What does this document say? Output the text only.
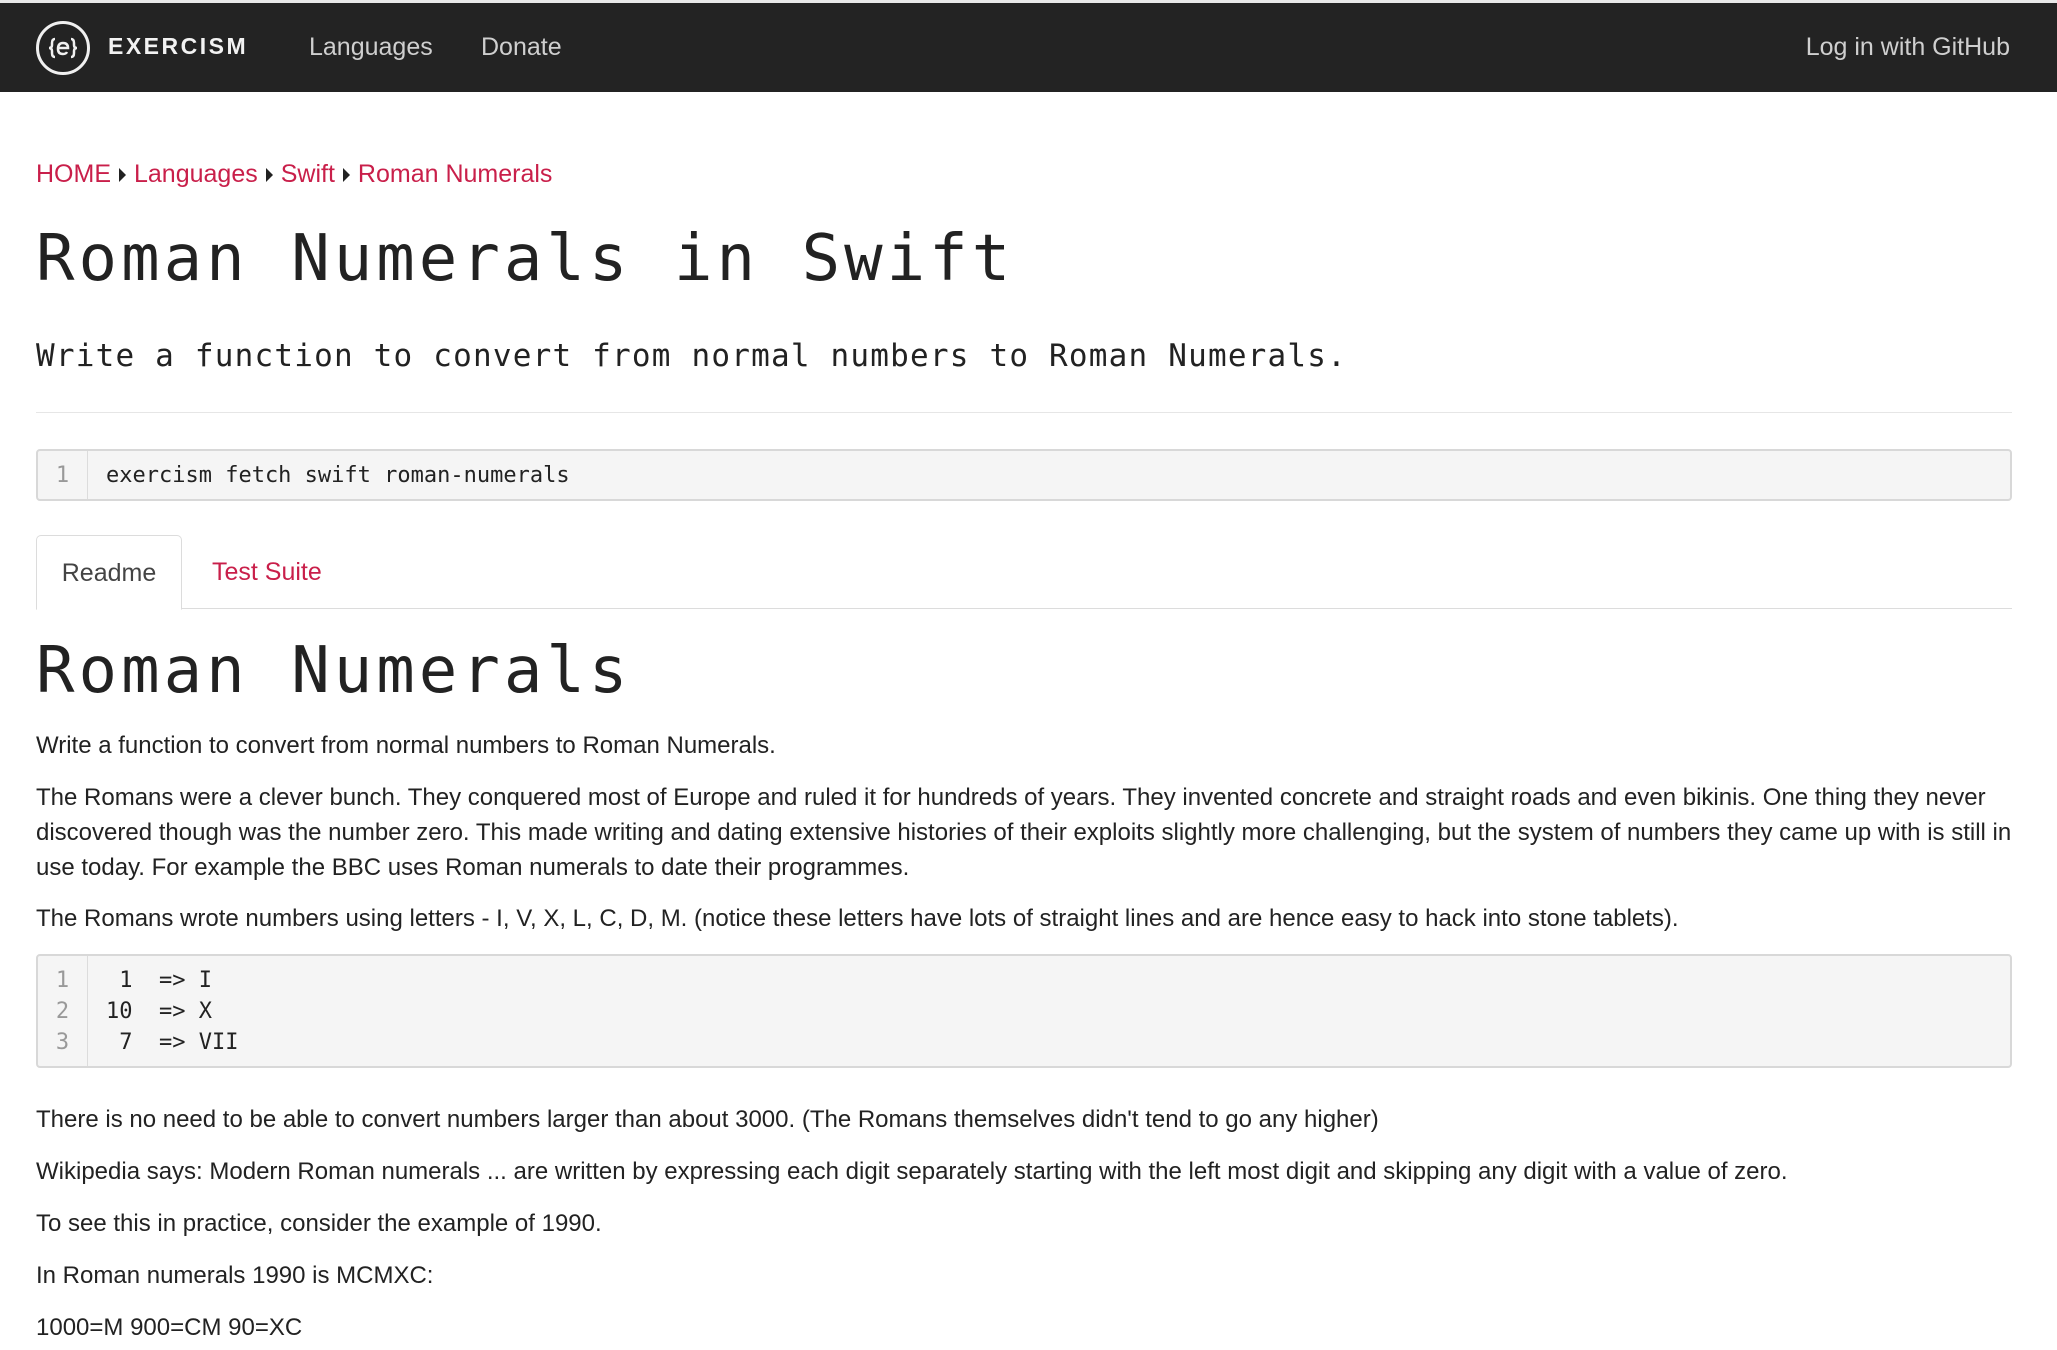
EXERCISM Languages Donate	Log in with GitHub
HOME Languages Swift Roman Numerals
Roman Numerals in Swift
Write a function to convert from normal numbers to Roman Numerals.
1	exercism fetch swift roman-numerals
Readme	Test Suite
Roman Numerals

Write a function to convert from normal numbers to Roman Numerals.

The Romans were a clever bunch. They conquered most of Europe and ruled it for hundreds of years. They invented concrete and straight roads and even bikinis. One thing they never discovered though was the number zero. This made writing and dating extensive histories of their exploits slightly more challenging, but the system of numbers they came up with is still in use today. For example the BBC uses Roman numerals to date their programmes.

The Romans wrote numbers using letters - I, V, X, L, C, D, M. (notice these letters have lots of straight lines and are hence easy to hack into stone tablets).

1
2
3
1  => I
10  => X
7  => VII

There is no need to be able to convert numbers larger than about 3000. (The Romans themselves didn't tend to go any higher)

Wikipedia says: Modern Roman numerals ... are written by expressing each digit separately starting with the left most digit and skipping any digit with a value of zero.

To see this in practice, consider the example of 1990.

In Roman numerals 1990 is MCMXC:

1000=M 900=CM 90=XC
